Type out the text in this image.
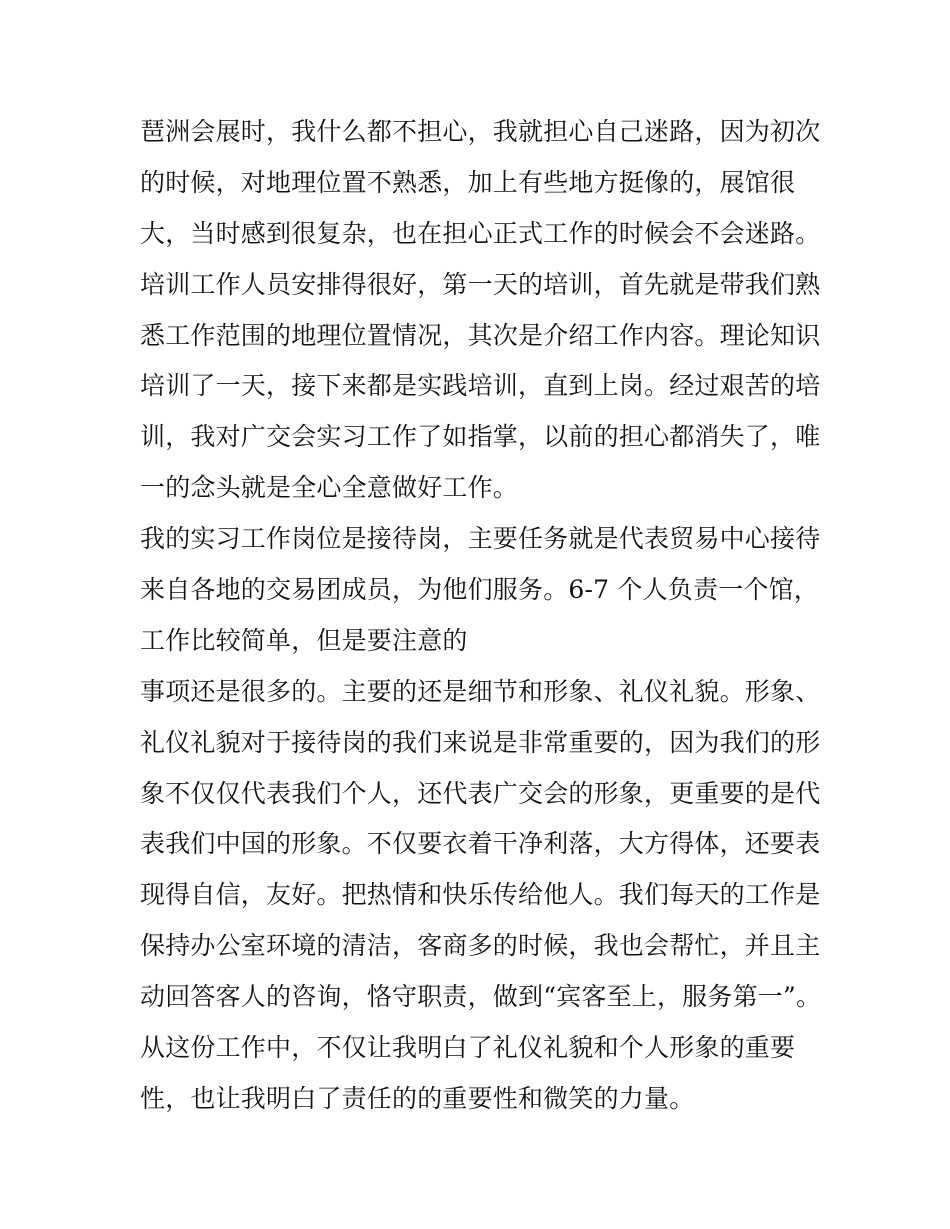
琶洲会展时，我什么都不担心，我就担心自己迷路，因为初次
的时候，对地理位置不熟悉，加上有些地方挺像的，展馆很
大，当时感到很复杂，也在担心正式工作的时候会不会迷路。
培训工作人员安排得很好，第一天的培训，首先就是带我们熟
悉工作范围的地理位置情况，其次是介绍工作内容。理论知识
培训了一天，接下来都是实践培训，直到上岗。经过艰苦的培
训，我对广交会实习工作了如指掌，以前的担心都消失了，唯
一的念头就是全心全意做好工作。
我的实习工作岗位是接待岗，主要任务就是代表贸易中心接待
来自各地的交易团成员，为他们服务。6-7 个人负责一个馆，
工作比较简单，但是要注意的
事项还是很多的。主要的还是细节和形象、礼仪礼貌。形象、
礼仪礼貌对于接待岗的我们来说是非常重要的，因为我们的形
象不仅仅代表我们个人，还代表广交会的形象，更重要的是代
表我们中国的形象。不仅要衣着干净利落，大方得体，还要表
现得自信，友好。把热情和快乐传给他人。我们每天的工作是
保持办公室环境的清洁，客商多的时候，我也会帮忙，并且主
动回答客人的咨询，恪守职责，做到“宾客至上，服务第一”。
从这份工作中，不仅让我明白了礼仪礼貌和个人形象的重要
性，也让我明白了责任的的重要性和微笑的力量。
